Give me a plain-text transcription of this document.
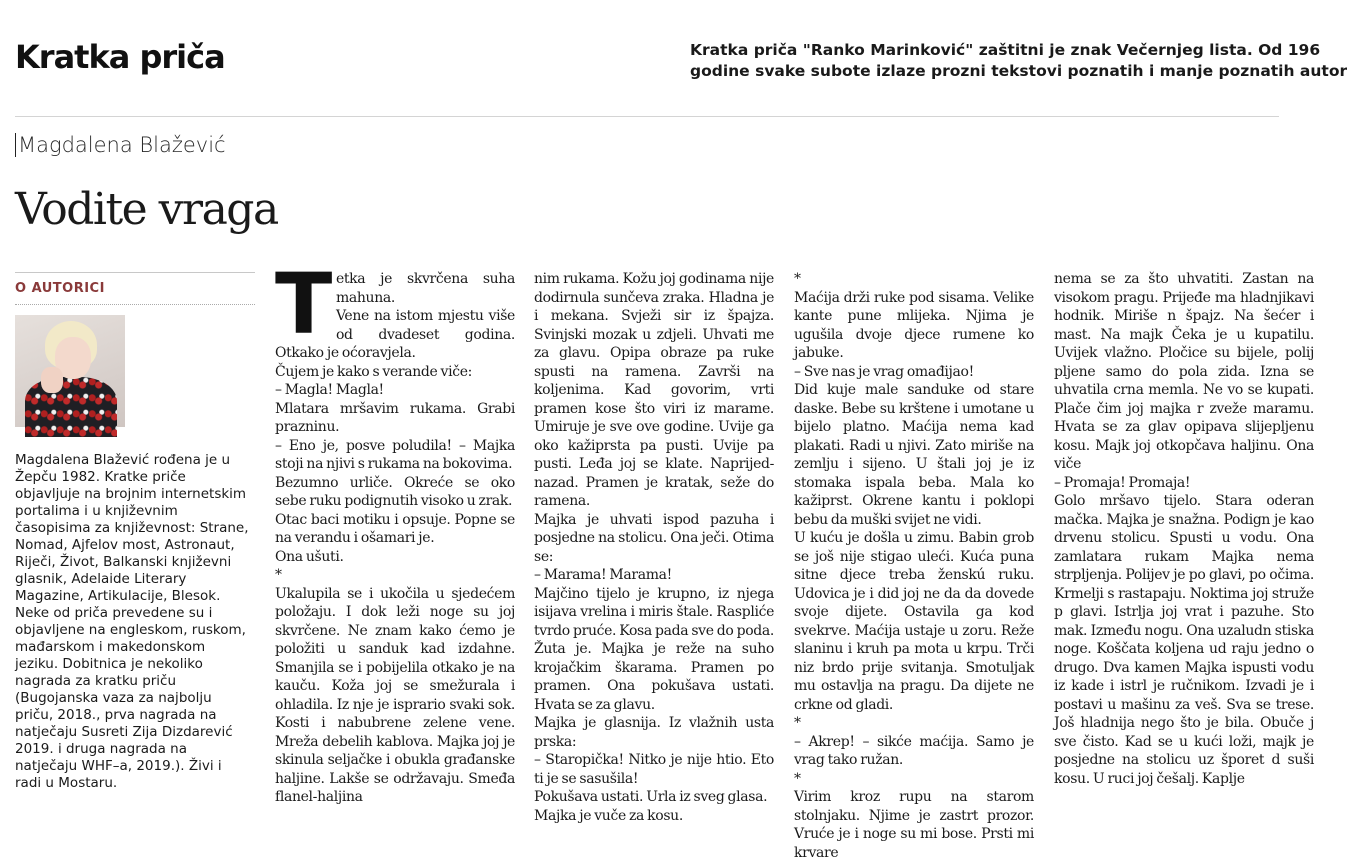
Kratka priča	Kratka priča "Ranko Marinković" zaštitni je znak Večernjeg lista. Od 196
godine svake subote izlaze prozni tekstovi poznatih i manje poznatih autor
Magdalena Blažević
Vodite vraga
O AUTORICI
Magdalena Blažević rođena je u Žepču 1982. Kratke priče objavljuje na brojnim internetskim portalima i u književnim časopisima za književnost: Strane, Nomad, Ajfelov most, Astronaut, Riječi, Život, Balkanski književni glasnik, Adelaide Literary Magazine, Artikulacije, Blesok. Neke od priča prevedene su i objavljene na engleskom, ruskom, mađarskom i makedonskom jeziku. Dobitnica je nekoliko nagrada za kratku priču (Bugojanska vaza za najbolju priču, 2018., prva nagrada na natječaju Susreti Zija Dizdarević 2019. i druga nagrada na natječaju WHF–a, 2019.). Živi i radi u Mostaru.
T etka je skvrčena suha mahuna.

Vene na istom mjestu više od dvadeset godina. Otkako je oćoravjela.

Čujem je kako s verande viče:

– Magla! Magla!

Mlatara mršavim rukama. Grabi prazninu.

– Eno je, posve poludila! – Majka stoji na njivi s rukama na bokovima.

Bezumno urliče. Okreće se oko sebe ruku podignutih visoko u zrak.

Otac baci motiku i opsuje. Popne se na verandu i ošamari je.

Ona ušuti.

*

Ukalupila se i ukočila u sjedećem položaju. I dok leži noge su joj skvrčene. Ne znam kako ćemo je položiti u sanduk kad izdahne. Smanjila se i pobijelila otkako je na kauču. Koža joj se smežurala i ohladila. Iz nje je isprario svaki sok. Kosti i nabubrene zelene vene. Mreža debelih kablova. Majka joj je skinula seljačke i obukla građanske haljine. Lakše se održavaju. Smeđa flanel-haljina

nim rukama. Kožu joj godinama nije dodirnula sunčeva zraka. Hladna je i mekana. Svježi sir iz špajza. Svinjski mozak u zdjeli. Uhvati me za glavu. Opipa obraze pa ruke spusti na ramena. Završi na koljenima. Kad govorim, vrti pramen kose što viri iz marame. Umiruje je sve ove godine. Uvije ga oko kažiprsta pa pusti. Uvije pa pusti. Leđa joj se klate. Naprijed-nazad. Pramen je kratak, seže do ramena.

Majka je uhvati ispod pazuha i posjedne na stolicu. Ona ječi. Otima se:

– Marama! Marama!

Majčino tijelo je krupno, iz njega isijava vrelina i miris štale. Raspliće tvrdo pruće. Kosa pada sve do poda. Žuta je. Majka je reže na suho krojačkim škarama. Pramen po pramen. Ona pokušava ustati. Hvata se za glavu.

Majka je glasnija. Iz vlažnih usta prska:

– Staropička! Nitko je nije htio. Eto ti je se sasušila!

Pokušava ustati. Urla iz sveg glasa.

Majka je vuče za kosu.

*

Maćija drži ruke pod sisama. Velike kante pune mlijeka. Njima je ugušila dvoje djece rumene ko jabuke.

– Sve nas je vrag omađijao!

Did kuje male sanduke od stare daske. Bebe su krštene i umotane u bijelo platno. Maćija nema kad plakati. Radi u njivi. Zato miriše na zemlju i sijeno. U štali joj je iz stomaka ispala beba. Mala ko kažiprst. Okrene kantu i poklopi bebu da muški svijet ne vidi.

U kuću je došla u zimu. Babin grob se još nije stigao uleći. Kuća puna sitne djece treba ženskú ruku. Udovica je i did joj ne da da dovede svoje dijete. Ostavila ga kod svekrve. Maćija ustaje u zoru. Reže slaninu i kruh pa mota u krpu. Trči niz brdo prije svitanja. Smotuljak mu ostavlja na pragu. Da dijete ne crkne od gladi.

*

– Akrep! – sikće maćija. Samo je vrag tako ružan.

*

Virim kroz rupu na starom stolnjaku. Njime je zastrt prozor. Vruće je i noge su mi bose. Prsti mi krvare

nema se za što uhvatiti. Zastan na visokom pragu. Prijeđe ma hladnjikavi hodnik. Miriše n špajz. Na šećer i mast. Na majk Čeka je u kupatilu. Uvijek vlažno. Pločice su bijele, polij pljene samo do pola zida. Izna se uhvatila crna memla. Ne vo se kupati. Plače čim joj majka r zveže maramu. Hvata se za glav opipava slijepljenu kosu. Majk joj otkopčava haljinu. Ona viče

– Promaja! Promaja!

Golo mršavo tijelo. Stara oderan mačka. Majka je snažna. Podign je kao drvenu stolicu. Spusti u vodu. Ona zamlatara rukam Majka nema strpljenja. Poliјev je po glavi, po očima. Krmelji s rastapaju. Noktima joj struže p glavi. Istrlja joj vrat i pazuhe. Sto mak. Između nogu. Ona uzaludn stiska noge. Koščata koljena ud raju jedno o drugo. Dva kamen Majka ispusti vodu iz kade i istrl je ručnikom. Izvadi je i postavi u mašinu za veš. Sva se trese. Još hladnija nego što je bila. Obuče j sve čisto. Kad se u kući loži, majk je posjedne na stolicu uz šporet d suši kosu. U ruci joj češalj. Kaplje
